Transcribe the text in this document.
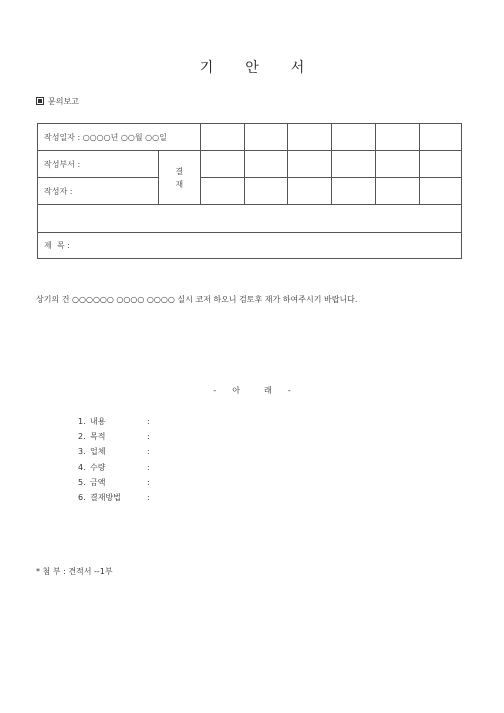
기 안 서
문의보고
작성일자 : ○○○○년 ○○월 ○○일							
작성부서 :	결
재						
작성자 :							

제  목 :							
상기의 건 ○○○○○○ ○○○○ ○○○○ 실시 코저 하오니 검토후 재가 하여주시기 바랍니다.
- 아	래 -
1. 내용	:
2. 목적	:
3. 업체	:
4. 수량	:
5. 금액	:
6. 결재방법	:
* 첨 부 : 견적서 --1부
